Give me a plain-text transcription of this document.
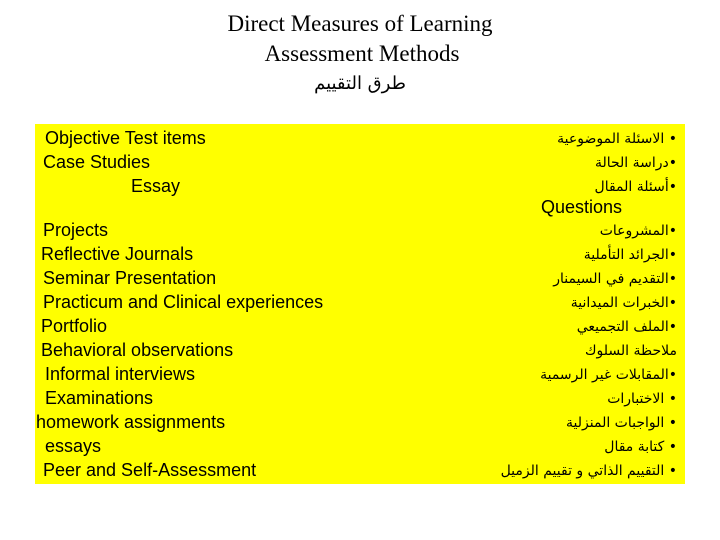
Direct Measures of Learning
Assessment Methods
طرق التقييم
Objective Test items
Case Studies
Essay
Projects
Reflective Journals
Seminar Presentation
Practicum and Clinical experiences
Portfolio
Behavioral observations
Informal interviews
Examinations
homework assignments
essays
Peer and Self-Assessment
• الاسئلة الموضوعية
•دراسة الحالة
•أسئلة المقال
Questions
•المشروعات
•الجرائد التأملية
•التقديم في السيمنار
•الخبرات الميدانية
•الملف التجميعي
ملاحظة السلوك
•المقابلات غير الرسمية
• الاختبارات
• الواجبات المنزلية
• كتابة مقال
• التقييم الذاتي و تقييم الزميل
